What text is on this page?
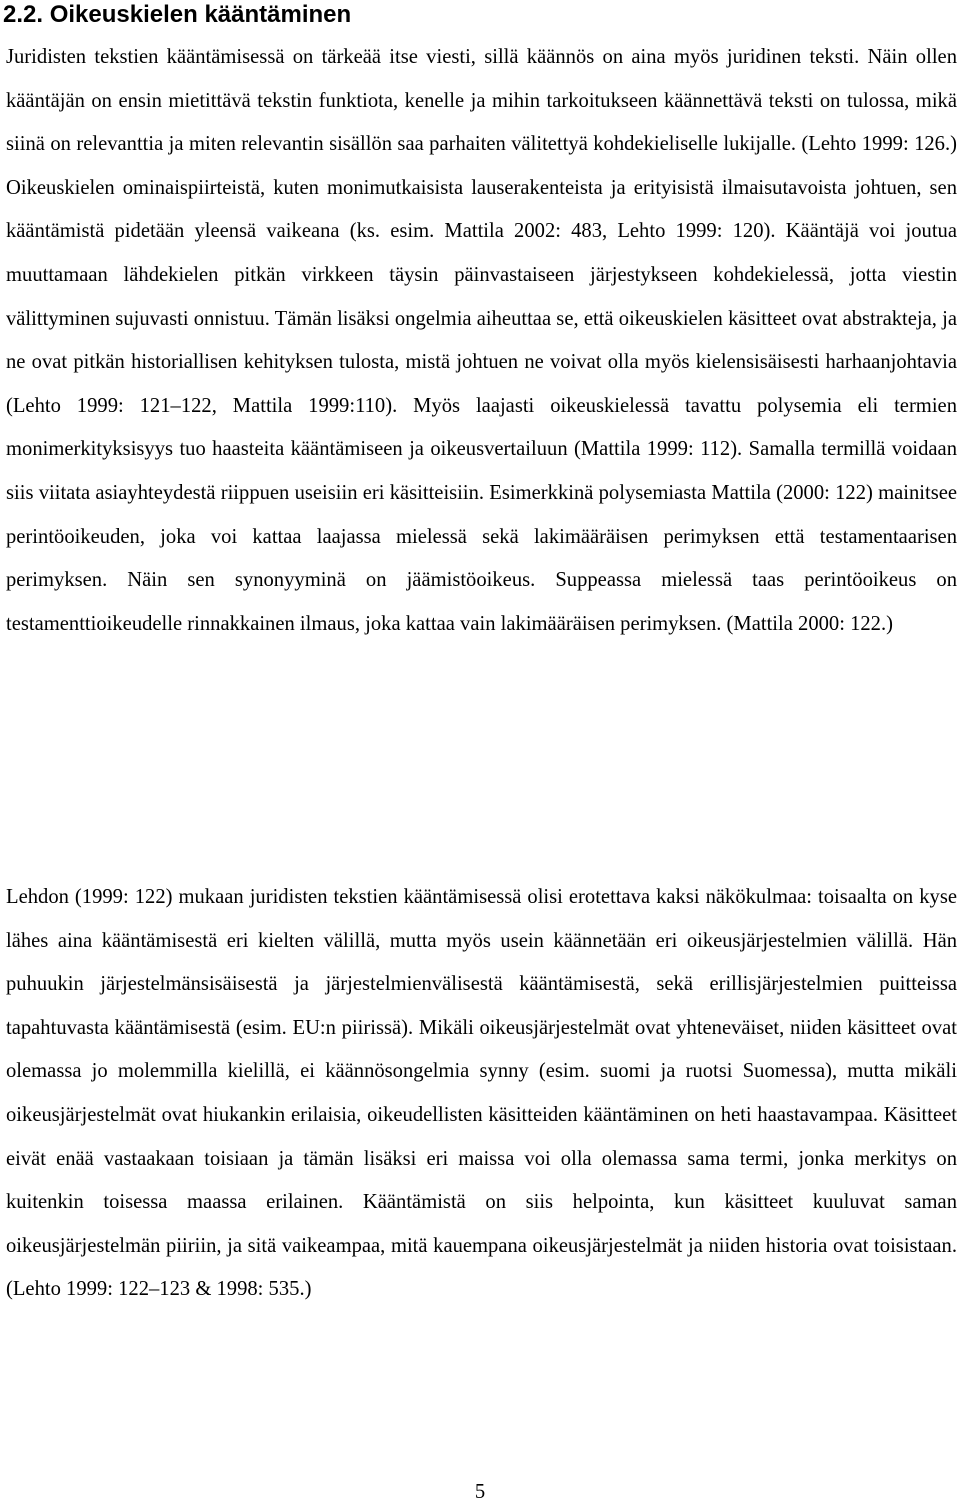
2.2. Oikeuskielen kääntäminen

Juridisten tekstien kääntämisessä on tärkeää itse viesti, sillä käännös on aina myös juridinen teksti. Näin ollen kääntäjän on ensin mietittävä tekstin funktiota, kenelle ja mihin tarkoitukseen käännettävä teksti on tulossa, mikä siinä on relevanttia ja miten relevantin sisällön saa parhaiten välitettyä kohdekieliselle lukijalle. (Lehto 1999: 126.) Oikeuskielen ominaispiirteistä, kuten monimutkaisista lauserakenteista ja erityisistä ilmaisutavoista johtuen, sen kääntämistä pidetään yleensä vaikeana (ks. esim. Mattila 2002: 483, Lehto 1999: 120). Kääntäjä voi joutua muuttamaan lähdekielen pitkän virkkeen täysin päinvastaiseen järjestykseen kohdekielessä, jotta viestin välittyminen sujuvasti onnistuu. Tämän lisäksi ongelmia aiheuttaa se, että oikeuskielen käsitteet ovat abstrakteja, ja ne ovat pitkän historiallisen kehityksen tulosta, mistä johtuen ne voivat olla myös kielensisäisesti harhaanjohtavia (Lehto 1999: 121–122, Mattila 1999:110). Myös laajasti oikeuskielessä tavattu polysemia eli termien monimerkityksisyys tuo haasteita kääntämiseen ja oikeusvertailuun (Mattila 1999: 112). Samalla termillä voidaan siis viitata asiayhteydestä riippuen useisiin eri käsitteisiin. Esimerkkinä polysemiasta Mattila (2000: 122) mainitsee perintöoikeuden, joka voi kattaa laajassa mielessä sekä lakimääräisen perimyksen että testamentaarisen perimyksen. Näin sen synonyyminä on jäämistöoikeus. Suppeassa mielessä taas perintöoikeus on testamenttioikeudelle rinnakkainen ilmaus, joka kattaa vain lakimääräisen perimyksen. (Mattila 2000: 122.)

Lehdon (1999: 122) mukaan juridisten tekstien kääntämisessä olisi erotettava kaksi näkökulmaa: toisaalta on kyse lähes aina kääntämisestä eri kielten välillä, mutta myös usein käännetään eri oikeusjärjestelmien välillä. Hän puhuukin järjestelmänsisäisestä ja järjestelmienvälisestä kääntämisestä, sekä erillisjärjestelmien puitteissa tapahtuvasta kääntämisestä (esim. EU:n piirissä). Mikäli oikeusjärjestelmät ovat yhteneväiset, niiden käsitteet ovat olemassa jo molemmilla kielillä, ei käännösongelmia synny (esim. suomi ja ruotsi Suomessa), mutta mikäli oikeusjärjestelmät ovat hiukankin erilaisia, oikeudellisten käsitteiden kääntäminen on heti haastavampaa. Käsitteet eivät enää vastaakaan toisiaan ja tämän lisäksi eri maissa voi olla olemassa sama termi, jonka merkitys on kuitenkin toisessa maassa erilainen. Kääntämistä on siis helpointa, kun käsitteet kuuluvat saman oikeusjärjestelmän piiriin, ja sitä vaikeampaa, mitä kauempana oikeusjärjestelmät ja niiden historia ovat toisistaan. (Lehto 1999: 122–123 & 1998: 535.)

5
